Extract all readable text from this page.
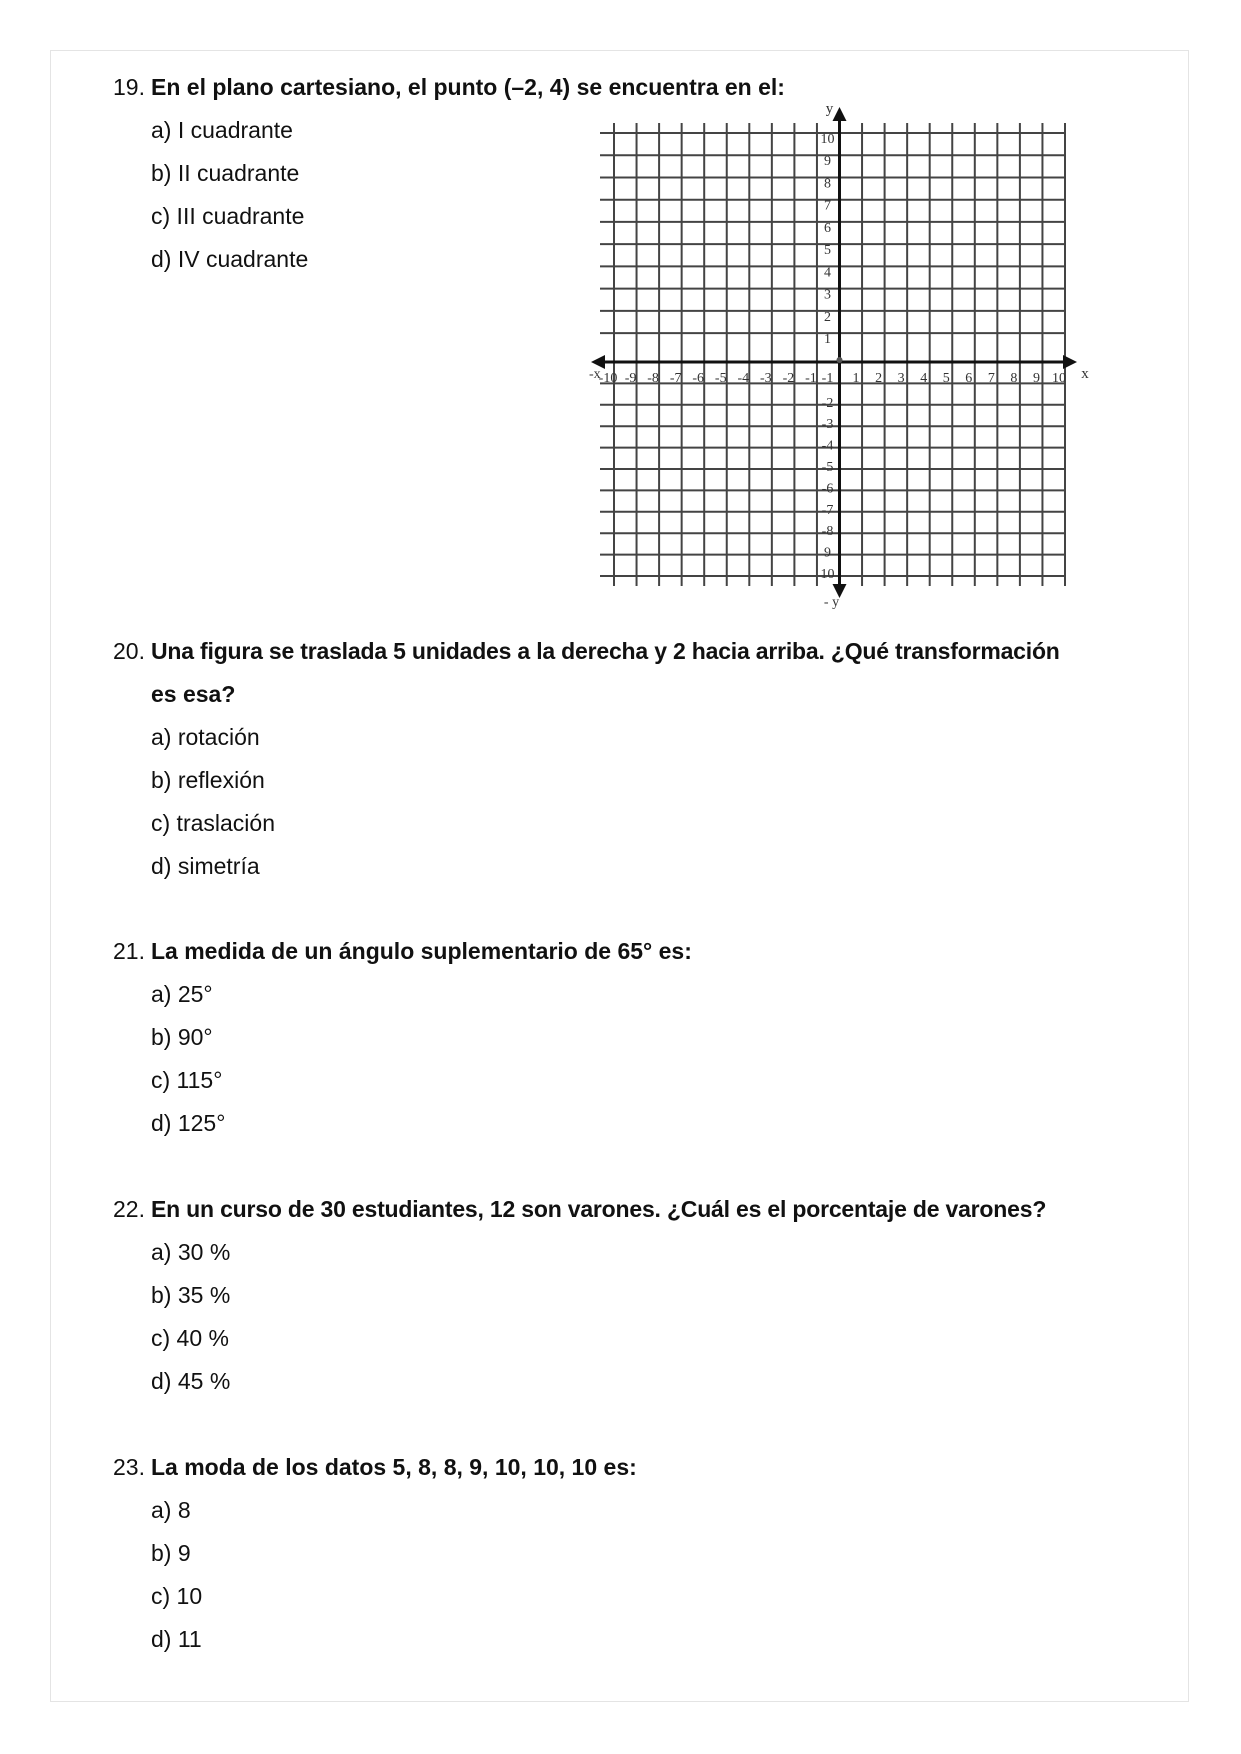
19. En el plano cartesiano, el punto (–2, 4) se encuentra en el:
a) I cuadrante
b) II cuadrante
c) III cuadrante
d) IV cuadrante
x
-x
y
- y
-10 -9 -8 -7 -6 -5 -4 -3 -2 -1	1 2 3 4 5 6 7 8 9 10
10
9
8
7
6
5
4
3
2
1
-2
-3
-4
-5
-6
-7
-8
9
10
-1
20. Una figura se traslada 5 unidades a la derecha y 2 hacia arriba. ¿Qué transformación
es esa?
a) rotación
b) reflexión
c) traslación
d) simetría
21. La medida de un ángulo suplementario de 65° es:
a) 25°
b) 90°
c) 115°
d) 125°
22. En un curso de 30 estudiantes, 12 son varones. ¿Cuál es el porcentaje de varones?
a) 30 %
b) 35 %
c) 40 %
d) 45 %
23. La moda de los datos 5, 8, 8, 9, 10, 10, 10 es:
a) 8
b) 9
c) 10
d) 11
